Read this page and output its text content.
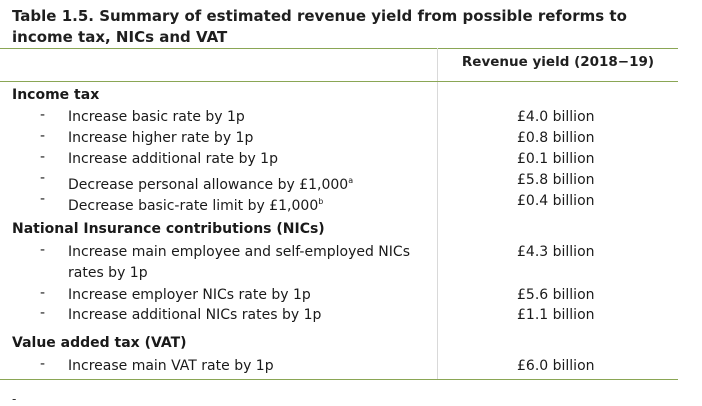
Table 1.5. Summary of estimated revenue yield from possible reforms to income tax, NICs and VAT
Revenue yield (2018−19)
Income tax
- Increase basic rate by 1p	£4.0 billion
- Increase higher rate by 1p	£0.8 billion
- Increase additional rate by 1p	£0.1 billion
- Decrease personal allowance by £1,000$^a$	£5.8 billion
- Decrease basic-rate limit by £1,000$^b$	£0.4 billion
National Insurance contributions (NICs)
- Increase main employee and self-employed NICs rates by 1p
£4.3 billion
- Increase employer NICs rate by 1p	£5.6 billion
- Increase additional NICs rates by 1p	£1.1 billion
Value added tax (VAT)
- Increase main VAT rate by 1p	£6.0 billion
-
